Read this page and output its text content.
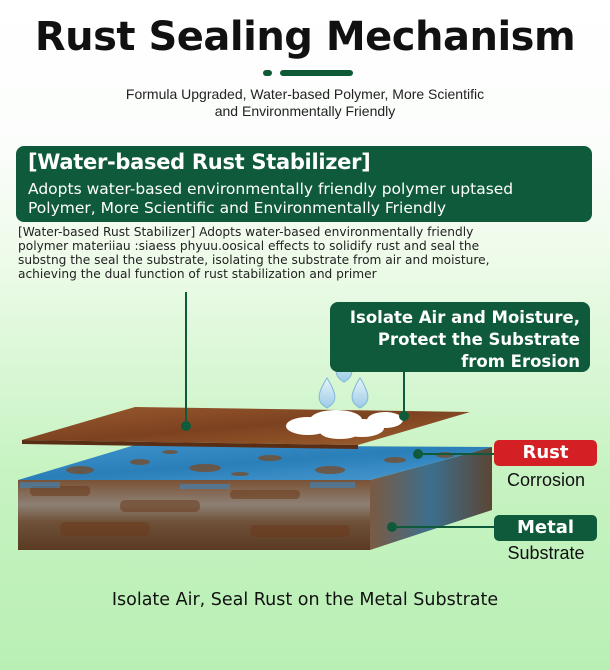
Rust Sealing Mechanism
Formula Upgraded, Water-based Polymer, More Scientific
and Environmentally Friendly
[Water-based Rust Stabilizer]
Adopts water-based environmentally friendly polymer uptased
Polymer, More Scientific and Environmentally Friendly
[Water-based Rust Stabilizer] Adopts water-based environmentally friendly
polymer materiiau :siaess phyuu.oosical effects to solidify rust and seal the
substng the seal the substrate, isolating the substrate from air and moisture,
achieving the dual function of rust stabilization and primer
Isolate Air and Moisture,
Protect the Substrate
from Erosion
Rust
Corrosion
Metal
Substrate
Isolate Air, Seal Rust on the Metal Substrate
